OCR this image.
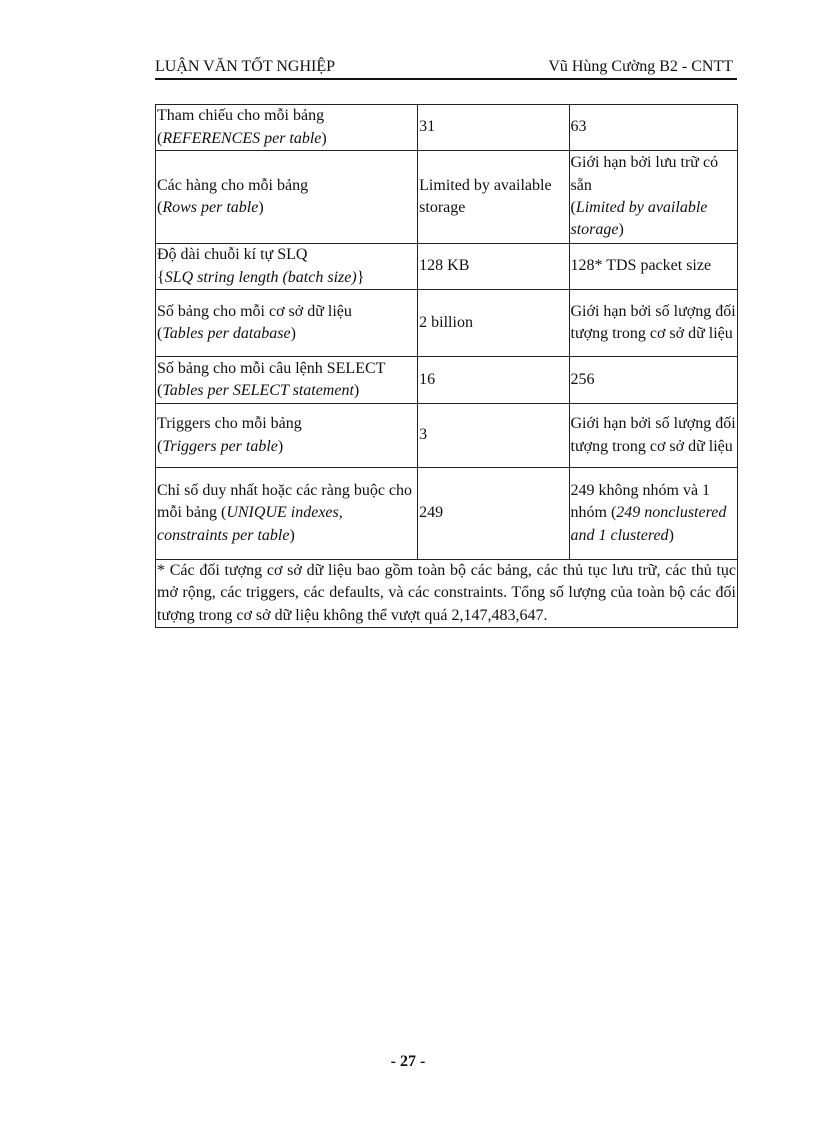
LUẬN VĂN TỐT NGHIỆP	Vũ Hùng Cường B2 - CNTT
Tham chiếu cho mỗi bảng
(REFERENCES per table)	31	63
Các hàng cho mỗi bảng
(Rows per table)	Limited by available storage	Giới hạn bởi lưu trữ có sẵn
(Limited by available storage)
Độ dài chuỗi kí tự SLQ
{SLQ string length (batch size)}	128 KB	128* TDS packet size
Số bảng cho mỗi cơ sở dữ liệu
(Tables per database)	2 billion	Giới hạn bởi số lượng đối tượng trong cơ sở dữ liệu
Số bảng cho mỗi câu lệnh SELECT
(Tables per SELECT statement)	16	256
Triggers cho mỗi bảng
(Triggers per table)	3	Giới hạn bởi số lượng đối tượng trong cơ sở dữ liệu
Chỉ số duy nhất hoặc các ràng buộc cho mỗi bảng (UNIQUE indexes, constraints per table)	249	249 không nhóm và 1 nhóm (249 nonclustered and 1 clustered)
* Các đối tượng cơ sở dữ liệu bao gồm toàn bộ các bảng, các thủ tục lưu trữ, các thủ tục mở rộng, các triggers, các defaults, và các constraints. Tổng số lượng của toàn bộ các đối tượng trong cơ sở dữ liệu không thể vượt quá 2,147,483,647.		
- 27 -
